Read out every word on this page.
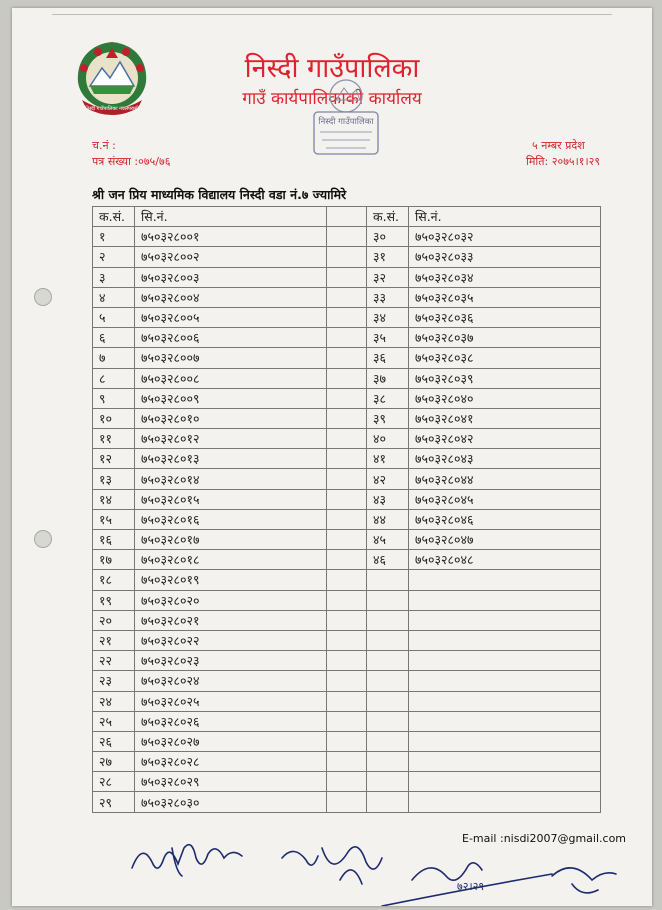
निस्दी गाउँपालिका नवलपरासी
निस्दी गाउँपालिका
गाउँ कार्यपालिकाको कार्यालय
निस्दी गाउँपालिका
च.नं :
पत्र संख्या :०७५/७६
५ नम्बर प्रदेश
मिति: २०७५।१।२९
श्री जन प्रिय माध्यमिक विद्यालय निस्दी वडा नं.७ ज्यामिरे
क.सं.	सि.नं.		क.सं.	सि.नं.
१	७५०३२८००१		३०	७५०३२८०३२
२	७५०३२८००२		३१	७५०३२८०३३
३	७५०३२८००३		३२	७५०३२८०३४
४	७५०३२८००४		३३	७५०३२८०३५
५	७५०३२८००५		३४	७५०३२८०३६
६	७५०३२८००६		३५	७५०३२८०३७
७	७५०३२८००७		३६	७५०३२८०३८
८	७५०३२८००८		३७	७५०३२८०३९
९	७५०३२८००९		३८	७५०३२८०४०
१०	७५०३२८०१०		३९	७५०३२८०४१
११	७५०३२८०१२		४०	७५०३२८०४२
१२	७५०३२८०१३		४१	७५०३२८०४३
१३	७५०३२८०१४		४२	७५०३२८०४४
१४	७५०३२८०१५		४३	७५०३२८०४५
१५	७५०३२८०१६		४४	७५०३२८०४६
१६	७५०३२८०१७		४५	७५०३२८०४७
१७	७५०३२८०१८		४६	७५०३२८०४८
१८	७५०३२८०१९			
१९	७५०३२८०२०			
२०	७५०३२८०२१			
२१	७५०३२८०२२			
२२	७५०३२८०२३			
२३	७५०३२८०२४			
२४	७५०३२८०२५			
२५	७५०३२८०२६			
२६	७५०३२८०२७			
२७	७५०३२८०२८			
२८	७५०३२८०२९			
२९	७५०३२८०३०			
E-mail :nisdi2007@gmail.com
७२।२९
